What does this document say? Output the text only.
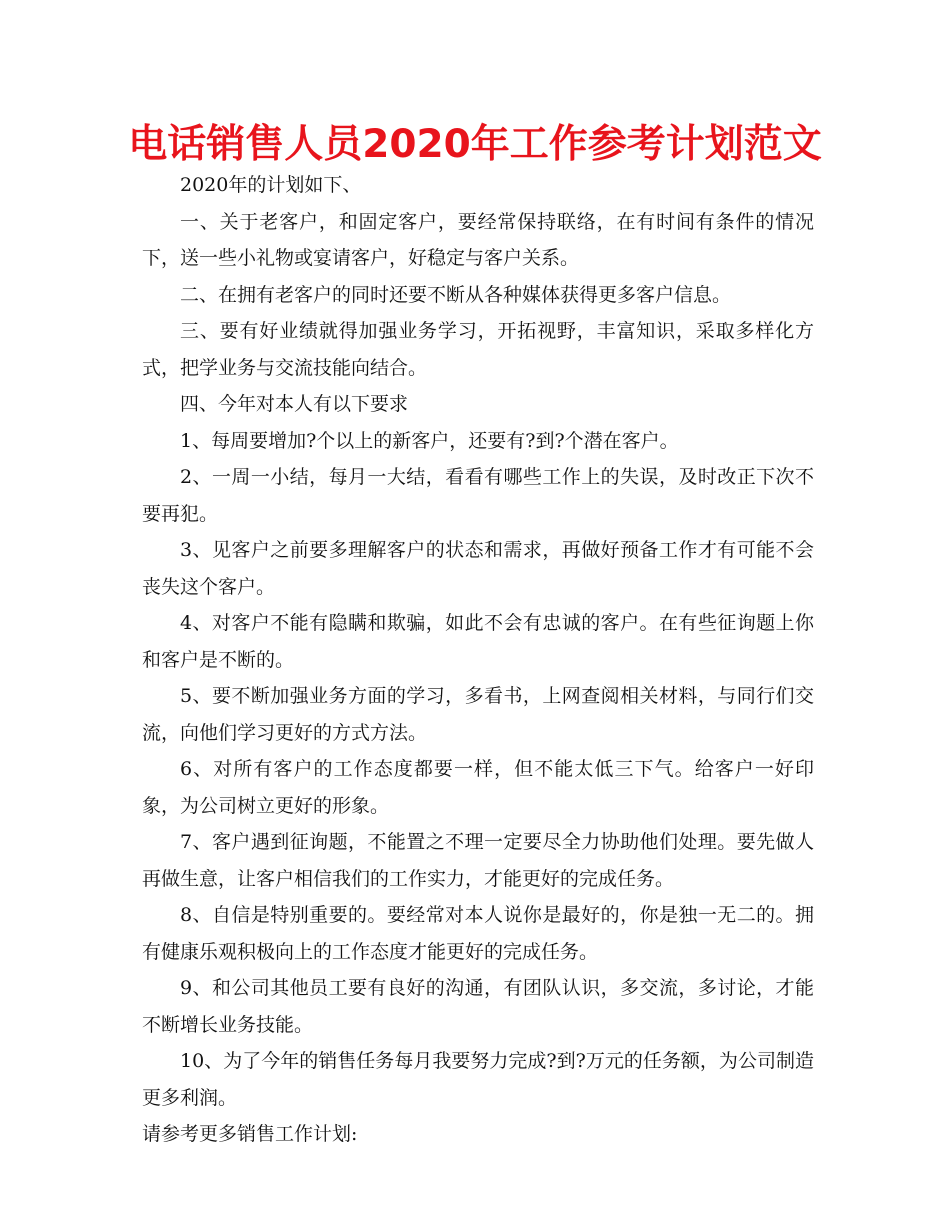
电话销售人员2020年工作参考计划范文

2020年的计划如下、

一、关于老客户，和固定客户，要经常保持联络，在有时间有条件的情况下，送一些小礼物或宴请客户，好稳定与客户关系。

二、在拥有老客户的同时还要不断从各种媒体获得更多客户信息。

三、要有好业绩就得加强业务学习，开拓视野，丰富知识，采取多样化方式，把学业务与交流技能向结合。

四、今年对本人有以下要求

1、每周要增加?个以上的新客户，还要有?到?个潜在客户。

2、一周一小结，每月一大结，看看有哪些工作上的失误，及时改正下次不要再犯。

3、见客户之前要多理解客户的状态和需求，再做好预备工作才有可能不会丧失这个客户。

4、对客户不能有隐瞒和欺骗，如此不会有忠诚的客户。在有些征询题上你和客户是不断的。

5、要不断加强业务方面的学习，多看书，上网查阅相关材料，与同行们交流，向他们学习更好的方式方法。

6、对所有客户的工作态度都要一样，但不能太低三下气。给客户一好印象，为公司树立更好的形象。

7、客户遇到征询题，不能置之不理一定要尽全力协助他们处理。要先做人再做生意，让客户相信我们的工作实力，才能更好的完成任务。

8、自信是特别重要的。要经常对本人说你是最好的，你是独一无二的。拥有健康乐观积极向上的工作态度才能更好的完成任务。

9、和公司其他员工要有良好的沟通，有团队认识，多交流，多讨论，才能不断增长业务技能。

10、为了今年的销售任务每月我要努力完成?到?万元的任务额，为公司制造更多利润。

请参考更多销售工作计划:
